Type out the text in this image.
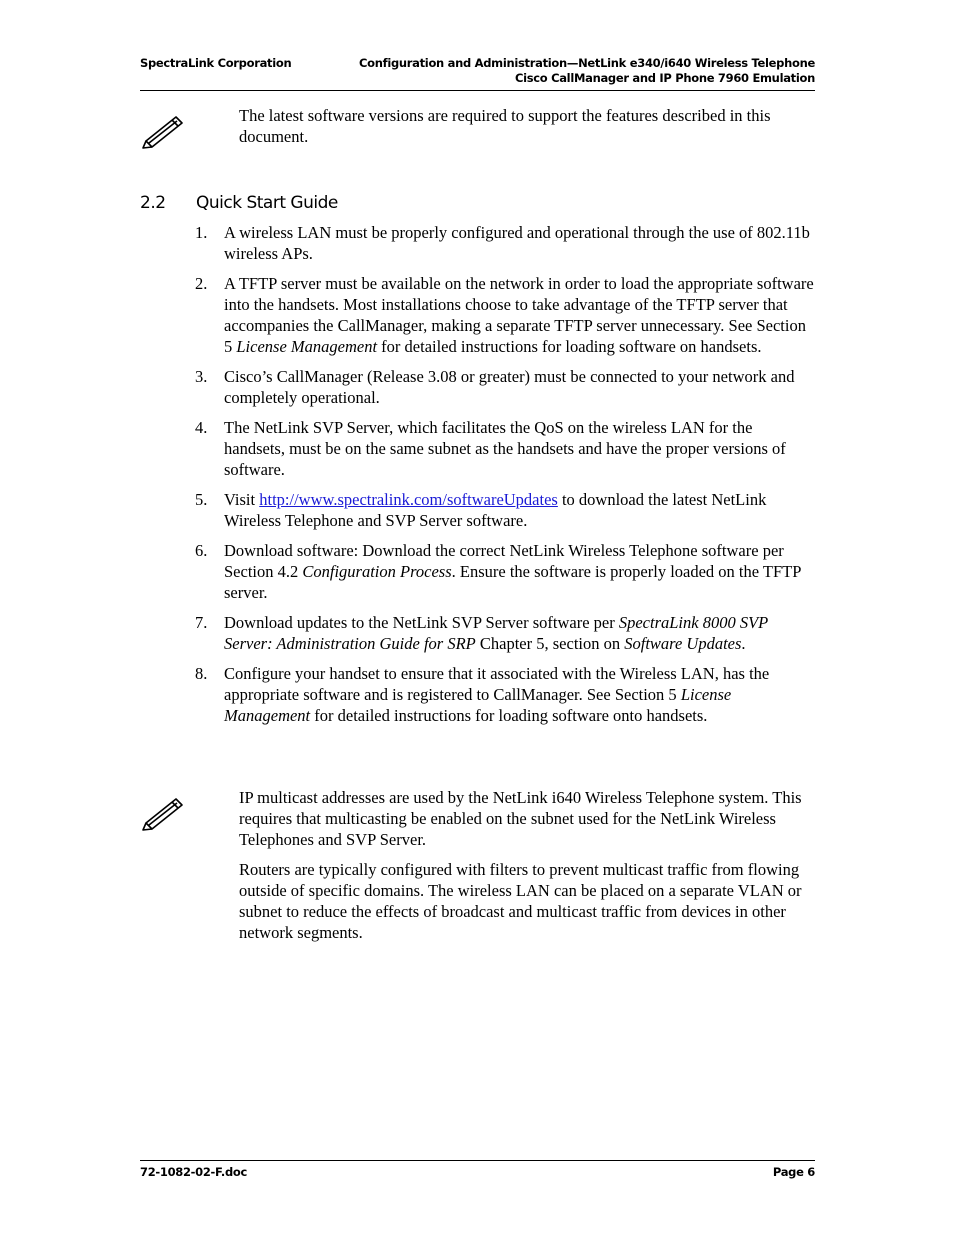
SpectraLink Corporation	Configuration and Administration—NetLink e340/i640 Wireless Telephone
Cisco CallManager and IP Phone 7960 Emulation

The latest software versions are required to support the features described in this document.

2.2 Quick Start Guide
1. A wireless LAN must be properly configured and operational through the use of 802.11b wireless APs.
2. A TFTP server must be available on the network in order to load the appropriate software into the handsets. Most installations choose to take advantage of the TFTP server that accompanies the CallManager, making a separate TFTP server unnecessary. See Section 5 License Management for detailed instructions for loading software on handsets.
3. Cisco’s CallManager (Release 3.08 or greater) must be connected to your network and completely operational.
4. The NetLink SVP Server, which facilitates the QoS on the wireless LAN for the handsets, must be on the same subnet as the handsets and have the proper versions of software.
5. Visit http://www.spectralink.com/softwareUpdates to download the latest NetLink Wireless Telephone and SVP Server software.
6. Download software: Download the correct NetLink Wireless Telephone software per Section 4.2 Configuration Process. Ensure the software is properly loaded on the TFTP server.
7. Download updates to the NetLink SVP Server software per SpectraLink 8000 SVP Server: Administration Guide for SRP Chapter 5, section on Software Updates.
8. Configure your handset to ensure that it associated with the Wireless LAN, has the appropriate software and is registered to CallManager. See Section 5 License Management for detailed instructions for loading software onto handsets.

IP multicast addresses are used by the NetLink i640 Wireless Telephone system. This requires that multicasting be enabled on the subnet used for the NetLink Wireless Telephones and SVP Server.

Routers are typically configured with filters to prevent multicast traffic from flowing outside of specific domains. The wireless LAN can be placed on a separate VLAN or subnet to reduce the effects of broadcast and multicast traffic from devices in other network segments.

72-1082-02-F.doc	Page 6
